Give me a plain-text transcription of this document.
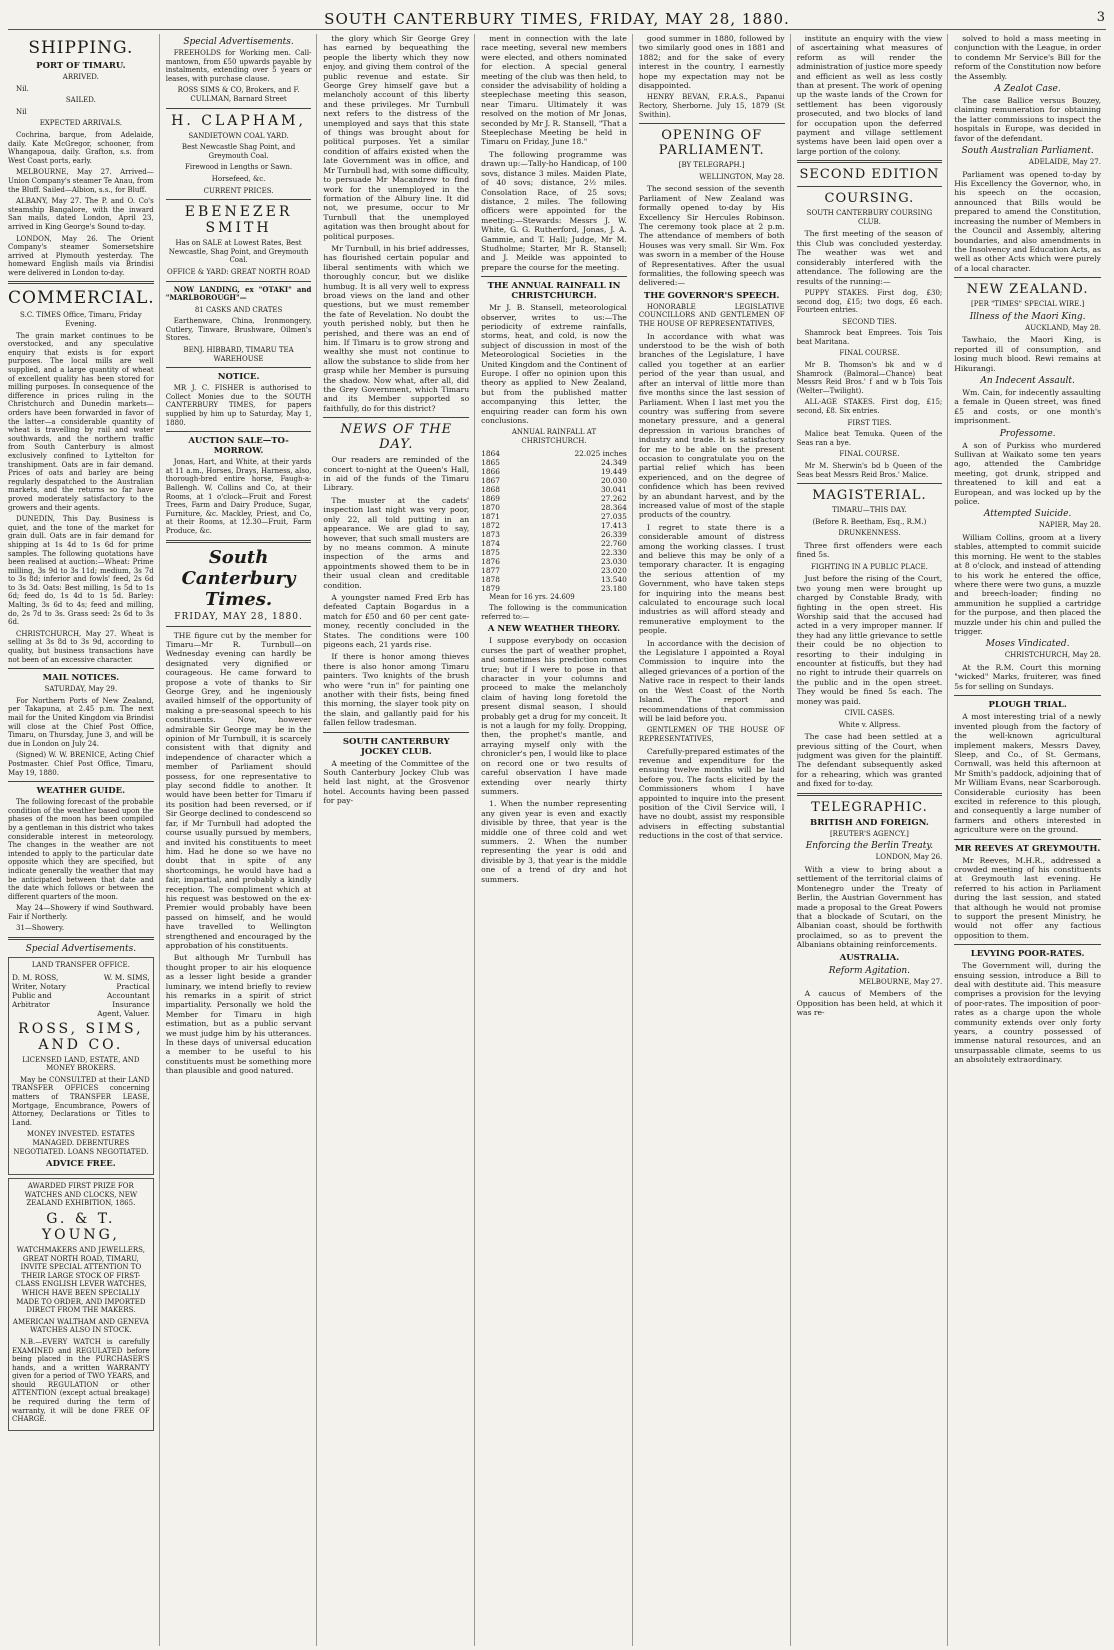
SOUTH CANTERBURY TIMES, FRIDAY, MAY 28, 1880.	3
SHIPPING.
PORT OF TIMARU.
ARRIVED.
Nil.
SAILED.
Nil
EXPECTED ARRIVALS.
Cochrina, barque, from Adelaide, daily. Kate McGregor, schooner, from Whangapoua, daily. Grafton, s.s. from West Coast ports, early.
MELBOURNE, May 27. Arrived—Union Company's steamer Te Anau, from the Bluff. Sailed—Albion, s.s., for Bluff.
ALBANY, May 27. The P. and O. Co's steamship Bangalore, with the inward San mails, dated London, April 23, arrived in King George's Sound to-day.
LONDON, May 26. The Orient Company's steamer Somersetshire arrived at Plymouth yesterday. The homeward English mails via Brindisi were delivered in London to-day.
COMMERCIAL.
S.C. TIMES Office, Timaru, Friday Evening.
The grain market continues to be overstocked, and any speculative enquiry that exists is for export purposes. The local mills are well supplied, and a large quantity of wheat of excellent quality has been stored for milling purposes. In consequence of the difference in prices ruling in the Christchurch and Dunedin markets—orders have been forwarded in favor of the latter—a considerable quantity of wheat is travelling by rail and water southwards, and the northern traffic from South Canterbury is almost exclusively confined to Lyttelton for transhipment. Oats are in fair demand. Prices of oats and barley are being regularly despatched to the Australian markets, and the returns so far have proved moderately satisfactory to the growers and their agents.
DUNEDIN, This Day. Business is quiet, and the tone of the market for grain dull. Oats are in fair demand for shipping at 1s 4d to 1s 6d for prime samples. The following quotations have been realised at auction:—Wheat: Prime milling, 3s 9d to 3s 11d; medium, 3s 7d to 3s 8d; inferior and fowls' feed, 2s 6d to 3s 3d. Oats: Best milling, 1s 5d to 1s 6d; feed do, 1s 4d to 1s 5d. Barley: Malting, 3s 6d to 4s; feed and milling, do, 2s 7d to 3s. Grass seed: 2s 6d to 3s 6d.
CHRISTCHURCH, May 27. Wheat is selling at 3s 8d to 3s 9d, according to quality, but business transactions have not been of an excessive character.
MAIL NOTICES.
SATURDAY, May 29.
For Northern Ports of New Zealand, per Takapuna, at 2.45 p.m. The next mail for the United Kingdom via Brindisi will close at the Chief Post Office, Timaru, on Thursday, June 3, and will be due in London on July 24.
(Signed) W. W. BRENICE, Acting Chief Postmaster. Chief Post Office, Timaru, May 19, 1880.
WEATHER GUIDE.
The following forecast of the probable condition of the weather based upon the phases of the moon has been compiled by a gentleman in this district who takes considerable interest in meteorology. The changes in the weather are not intended to apply to the particular date opposite which they are specified, but indicate generally the weather that may be anticipated between that date and the date which follows or between the different quarters of the moon.
May 24—Showery if wind Southward. Fair if Northerly.
31—Showery.
Special Advertisements.
LAND TRANSFER OFFICE.
D. M. ROSS, Writer, Notary Public and Arbitrator
W. M. SIMS, Practical Accountant Insurance Agent, Valuer.
ROSS, SIMS, AND CO.
LICENSED LAND, ESTATE, AND MONEY BROKERS.
May be CONSULTED at their LAND TRANSFER OFFICES concerning matters of TRANSFER LEASE, Mortgage, Encumbrance, Powers of Attorney, Declarations or Titles to Land.
MONEY INVESTED. ESTATES MANAGED. DEBENTURES NEGOTIATED. LOANS NEGOTIATED.
ADVICE FREE.
AWARDED FIRST PRIZE FOR WATCHES AND CLOCKS, NEW ZEALAND EXHIBITION, 1865.
G. & T. YOUNG,
WATCHMAKERS AND JEWELLERS, GREAT NORTH ROAD, TIMARU, INVITE SPECIAL ATTENTION TO THEIR LARGE STOCK OF FIRST-CLASS ENGLISH LEVER WATCHES, WHICH HAVE BEEN SPECIALLY MADE TO ORDER, AND IMPORTED DIRECT FROM THE MAKERS.
AMERICAN WALTHAM AND GENEVA WATCHES ALSO IN STOCK.
N.B.—EVERY WATCH is carefully EXAMINED and REGULATED before being placed in the PURCHASER'S hands, and a written WARRANTY given for a period of TWO YEARS, and should REGULATION or other ATTENTION (except actual breakage) be required during the term of warranty, it will be done FREE OF CHARGE.
Special Advertisements.
FREEHOLDS for Working men. Call-mantown, from £50 upwards payable by instalments, extending over 5 years or leases, with purchase clause.
ROSS SIMS & CO, Brokers, and F. CULLMAN, Barnard Street
H. CLAPHAM,
SANDIETOWN COAL YARD.
Best Newcastle Shag Point, and Greymouth Coal.
Firewood in Lengths or Sawn.
Horsefeed, &c.
CURRENT PRICES.
EBENEZER SMITH
Has on SALE at Lowest Rates, Best Newcastle, Shag Point, and Greymouth Coal.
OFFICE & YARD: GREAT NORTH ROAD
NOW LANDING, ex "OTAKI" and "MARLBOROUGH"—
81 CASKS AND CRATES
Earthenware, China, Ironmongery, Cutlery, Tinware, Brushware, Oilmen's Stores.
BENJ. HIBBARD, TIMARU TEA WAREHOUSE
NOTICE.
MR J. C. FISHER is authorised to Collect Monies due to the SOUTH CANTERBURY TIMES, for papers supplied by him up to Saturday, May 1, 1880.
AUCTION SALE—TO-MORROW.
Jonas, Hart, and White, at their yards at 11 a.m., Horses, Drays, Harness, also, thorough-bred entire horse, Faugh-a-Ballengh. W. Collins and Co, at their Rooms, at 1 o'clock—Fruit and Forest Trees, Farm and Dairy Produce, Sugar, Furniture, &c. Mackley, Priest, and Co, at their Rooms, at 12.30—Fruit, Farm Produce, &c.
South Canterbury Times.
FRIDAY, MAY 28, 1880.
THE figure cut by the member for Timaru—Mr R. Turnbull—on Wednesday evening can hardly be designated very dignified or courageous. He came forward to propose a vote of thanks to Sir George Grey, and he ingeniously availed himself of the opportunity of making a pre-seasonal speech to his constituents. Now, however admirable Sir George may be in the opinion of Mr Turnbull, it is scarcely consistent with that dignity and independence of character which a member of Parliament should possess, for one representative to play second fiddle to another. It would have been better for Timaru if its position had been reversed, or if Sir George declined to condescend so far, if Mr Turnbull had adopted the course usually pursued by members, and invited his constituents to meet him. Had he done so we have no doubt that in spite of any shortcomings, he would have had a fair, impartial, and probably a kindly reception. The compliment which at his request was bestowed on the ex-Premier would probably have been passed on himself, and he would have travelled to Wellington strengthened and encouraged by the approbation of his constituents.
But although Mr Turnbull has thought proper to air his eloquence as a lesser light beside a grander luminary, we intend briefly to review his remarks in a spirit of strict impartiality. Personally we hold the Member for Timaru in high estimation, but as a public servant we must judge him by his utterances. In these days of universal education a member to be useful to his constituents must be something more than plausible and good natured.
the glory which Sir George Grey has earned by bequeathing the people the liberty which they now enjoy, and giving them control of the public revenue and estate. Sir George Grey himself gave but a melancholy account of this liberty and these privileges. Mr Turnbull next refers to the distress of the unemployed and says that this state of things was brought about for political purposes. Yet a similar condition of affairs existed when the late Government was in office, and Mr Turnbull had, with some difficulty, to persuade Mr Macandrew to find work for the unemployed in the formation of the Albury line. It did not, we presume, occur to Mr Turnbull that the unemployed agitation was then brought about for political purposes.
Mr Turnbull, in his brief addresses, has flourished certain popular and liberal sentiments with which we thoroughly concur, but we dislike humbug. It is all very well to express broad views on the land and other questions, but we must remember the fate of Revelation. No doubt the youth perished nobly, but then he perished, and there was an end of him. If Timaru is to grow strong and wealthy she must not continue to allow the substance to slide from her grasp while her Member is pursuing the shadow. Now what, after all, did the Grey Government, which Timaru and its Member supported so faithfully, do for this district?
NEWS OF THE DAY.
Our readers are reminded of the concert to-night at the Queen's Hall, in aid of the funds of the Timaru Library.
The muster at the cadets' inspection last night was very poor, only 22, all told putting in an appearance. We are glad to say, however, that such small musters are by no means common. A minute inspection of the arms and appointments showed them to be in their usual clean and creditable condition.
A youngster named Fred Erb has defeated Captain Bogardus in a match for £50 and 60 per cent gate-money, recently concluded in the States. The conditions were 100 pigeons each, 21 yards rise.
If there is honor among thieves there is also honor among Timaru painters. Two knights of the brush who were "run in" for painting one another with their fists, being fined this morning, the slayer took pity on the slain, and gallantly paid for his fallen fellow tradesman.
SOUTH CANTERBURY JOCKEY CLUB.
A meeting of the Committee of the South Canterbury Jockey Club was held last night, at the Grosvenor hotel. Accounts having been passed for pay-
ment in connection with the late race meeting, several new members were elected, and others nominated for election. A special general meeting of the club was then held, to consider the advisability of holding a steeplechase meeting this season, near Timaru. Ultimately it was resolved on the motion of Mr Jonas, seconded by Mr J. R. Stansell, "That a Steeplechase Meeting be held in Timaru on Friday, June 18."
The following programme was drawn up:—Tally-ho Handicap, of 100 sovs, distance 3 miles. Maiden Plate, of 40 sovs; distance, 2½ miles. Consolation Race, of 25 sovs; distance, 2 miles. The following officers were appointed for the meeting:—Stewards: Messrs J. W. White, G. G. Rutherford, Jonas, J. A. Gammie, and T. Hall; Judge, Mr M. Studholme; Starter, Mr R. Stansell; and J. Meikle was appointed to prepare the course for the meeting.
THE ANNUAL RAINFALL IN CHRISTCHURCH.
Mr J. B. Stansell, meteorological observer, writes to us:—The periodicity of extreme rainfalls, storms, heat, and cold, is now the subject of discussion in most of the Meteorological Societies in the United Kingdom and the Continent of Europe. I offer no opinion upon this theory as applied to New Zealand, but from the published matter accompanying this letter, the enquiring reader can form his own conclusions.
ANNUAL RAINFALL AT CHRISTCHURCH.
1864	22.025 inches
1865	24.349
1866	19.449
1867	20.030
1868	30.041
1869	27.262
1870	28.364
1871	27.035
1872	17.413
1873	26.339
1874	22.760
1875	22.330
1876	23.030
1877	23.020
1878	13.540
1879	23.180
Mean for 16 yrs. 24.609
The following is the communication referred to:—
A NEW WEATHER THEORY.
I suppose everybody on occasion curses the part of weather prophet, and sometimes his prediction comes true; but if I were to pose in that character in your columns and proceed to make the melancholy claim of having long foretold the present dismal season, I should probably get a drug for my conceit. It is not a laugh for my folly. Dropping, then, the prophet's mantle, and arraying myself only with the chronicler's pen, I would like to place on record one or two results of careful observation I have made extending over nearly thirty summers.
1. When the number representing any given year is even and exactly divisible by three, that year is the middle one of three cold and wet summers. 2. When the number representing the year is odd and divisible by 3, that year is the middle one of a trend of dry and hot summers.
good summer in 1880, followed by two similarly good ones in 1881 and 1882; and for the sake of every interest in the country, I earnestly hope my expectation may not be disappointed.
HENRY BEVAN, F.R.A.S., Papanui Rectory, Sherborne. July 15, 1879 (St Swithin).
OPENING OF PARLIAMENT.
[BY TELEGRAPH.]
WELLINGTON, May 28.
The second session of the seventh Parliament of New Zealand was formally opened to-day by His Excellency Sir Hercules Robinson. The ceremony took place at 2 p.m. The attendance of members of both Houses was very small. Sir Wm. Fox was sworn in a member of the House of Representatives. After the usual formalities, the following speech was delivered:—
THE GOVERNOR'S SPEECH.
HONORABLE LEGISLATIVE COUNCILLORS AND GENTLEMEN OF THE HOUSE OF REPRESENTATIVES,
In accordance with what was understood to be the wish of both branches of the Legislature, I have called you together at an earlier period of the year than usual, and after an interval of little more than five months since the last session of Parliament. When I last met you the country was suffering from severe monetary pressure, and a general depression in various branches of industry and trade. It is satisfactory for me to be able on the present occasion to congratulate you on the partial relief which has been experienced, and on the degree of confidence which has been revived by an abundant harvest, and by the increased value of most of the staple products of the country.
I regret to state there is a considerable amount of distress among the working classes. I trust and believe this may be only of a temporary character. It is engaging the serious attention of my Government, who have taken steps for inquiring into the means best calculated to encourage such local industries as will afford steady and remunerative employment to the people.
In accordance with the decision of the Legislature I appointed a Royal Commission to inquire into the alleged grievances of a portion of the Native race in respect to their lands on the West Coast of the North Island. The report and recommendations of that commission will be laid before you.
GENTLEMEN OF THE HOUSE OF REPRESENTATIVES,
Carefully-prepared estimates of the revenue and expenditure for the ensuing twelve months will be laid before you. The facts elicited by the Commissioners whom I have appointed to inquire into the present position of the Civil Service will, I have no doubt, assist my responsible advisers in effecting substantial reductions in the cost of that service.
institute an enquiry with the view of ascertaining what measures of reform as will render the administration of justice more speedy and efficient as well as less costly than at present. The work of opening up the waste lands of the Crown for settlement has been vigorously prosecuted, and two blocks of land for occupation upon the deferred payment and village settlement systems have been laid open over a large portion of the colony.
SECOND EDITION
COURSING.
SOUTH CANTERBURY COURSING CLUB.
The first meeting of the season of this Club was concluded yesterday. The weather was wet and considerably interfered with the attendance. The following are the results of the running:—
PUPPY STAKES. First dog, £30; second dog, £15; two dogs, £6 each. Fourteen entries.
SECOND TIES.
Shamrock beat Emprees. Tois Tois beat Maritana.
FINAL COURSE.
Mr B. Thomson's bk and w d Shamrock (Balmoral—Chance) beat Messrs Reid Bros.' f and w b Tois Tois (Welter—Twilight).
ALL-AGE STAKES. First dog, £15; second, £8. Six entries.
FIRST TIES.
Malice beat Temuka. Queen of the Seas ran a bye.
FINAL COURSE.
Mr M. Sherwin's bd b Queen of the Seas beat Messrs Reid Bros.' Malice.
MAGISTERIAL.
TIMARU—THIS DAY.
(Before R. Beetham, Esq., R.M.)
DRUNKENNESS.
Three first offenders were each fined 5s.
FIGHTING IN A PUBLIC PLACE.
Just before the rising of the Court, two young men were brought up charged by Constable Brady, with fighting in the open street. His Worship said that the accused had acted in a very improper manner. If they had any little grievance to settle their could be no objection to resorting to their indulging in encounter at fisticuffs, but they had no right to intrude their quarrels on the public and in the open street. They would be fined 5s each. The money was paid.
CIVIL CASES.
White v. Allpress.
The case had been settled at a previous sitting of the Court, when judgment was given for the plaintiff. The defendant subsequently asked for a rehearing, which was granted and fixed for to-day.
TELEGRAPHIC.
BRITISH AND FOREIGN.
[REUTER'S AGENCY.]
Enforcing the Berlin Treaty.
LONDON, May 26.
With a view to bring about a settlement of the territorial claims of Montenegro under the Treaty of Berlin, the Austrian Government has made a proposal to the Great Powers that a blockade of Scutari, on the Albanian coast, should be forthwith proclaimed, so as to prevent the Albanians obtaining reinforcements.
AUSTRALIA.
Reform Agitation.
MELBOURNE, May 27.
A caucus of Members of the Opposition has been held, at which it was re-
solved to hold a mass meeting in conjunction with the League, in order to condemn Mr Service's Bill for the reform of the Constitution now before the Assembly.
A Zealot Case.
The case Ballice versus Bouzey, claiming remuneration for obtaining the latter commissions to inspect the hospitals in Europe, was decided in favor of the defendant.
South Australian Parliament.
ADELAIDE, May 27.
Parliament was opened to-day by His Excellency the Governor, who, in his speech on the occasion, announced that Bills would be prepared to amend the Constitution, increasing the number of Members in the Council and Assembly, altering boundaries, and also amendments in the Insolvency and Education Acts, as well as other Acts which were purely of a local character.
NEW ZEALAND.
[PER "TIMES" SPECIAL WIRE.]
Illness of the Maori King.
AUCKLAND, May 28.
Tawhaio, the Maori King, is reported ill of consumption, and losing much blood. Rewi remains at Hikurangi.
An Indecent Assault.
Wm. Cain, for indecently assaulting a female in Queen street, was fined £5 and costs, or one month's imprisonment.
Professome.
A son of Purkiss who murdered Sullivan at Waikato some ten years ago, attended the Cambridge meeting, got drunk, stripped and threatened to kill and eat a European, and was locked up by the police.
Attempted Suicide.
NAPIER, May 28.
William Collins, groom at a livery stables, attempted to commit suicide this morning. He went to the stables at 8 o'clock, and instead of attending to his work he entered the office, where there were two guns, a muzzle and breech-loader; finding no ammunition he supplied a cartridge for the purpose, and then placed the muzzle under his chin and pulled the trigger.
Moses Vindicated.
CHRISTCHURCH, May 28.
At the R.M. Court this morning "wicked" Marks, fruiterer, was fined 5s for selling on Sundays.
PLOUGH TRIAL.
A most interesting trial of a newly invented plough from the factory of the well-known agricultural implement makers, Messrs Davey, Sleep, and Co., of St. Germans, Cornwall, was held this afternoon at Mr Smith's paddock, adjoining that of Mr William Evans, near Scarborough. Considerable curiosity has been excited in reference to this plough, and consequently a large number of farmers and others interested in agriculture were on the ground.
MR REEVES AT GREYMOUTH.
Mr Reeves, M.H.R., addressed a crowded meeting of his constituents at Greymouth last evening. He referred to his action in Parliament during the last session, and stated that although he would not promise to support the present Ministry, he would not offer any factious opposition to them.
LEVYING POOR-RATES.
The Government will, during the ensuing session, introduce a Bill to deal with destitute aid. This measure comprises a provision for the levying of poor-rates. The imposition of poor-rates as a charge upon the whole community extends over only forty years, a country possessed of immense natural resources, and an unsurpassable climate, seems to us an absolutely extraordinary.
